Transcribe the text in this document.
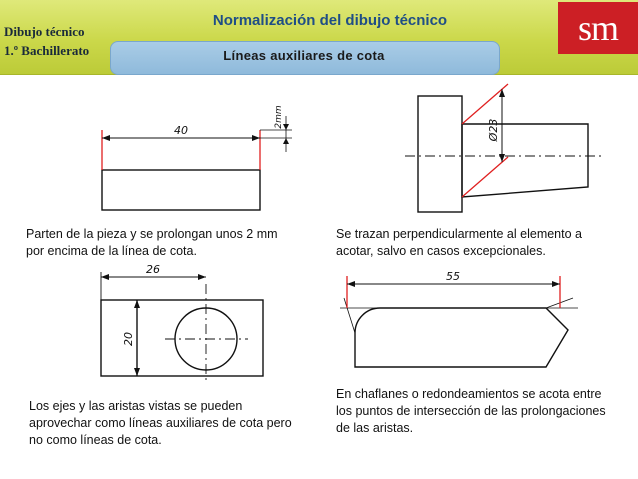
Dibujo técnico
1.º Bachillerato
Normalización del dibujo técnico
Líneas auxiliares de cota
sm
40
2mm
Ø23
26
20
55
Parten de la pieza y se prolongan unos 2 mm por encima de la línea de cota.
Se trazan perpendicularmente al elemento a acotar, salvo en casos excepcionales.
Los ejes y las aristas vistas se pueden aprovechar como líneas auxiliares de cota pero no como líneas de cota.
En chaflanes o redondeamientos se acota entre los puntos de intersección de las prolongaciones de las aristas.
